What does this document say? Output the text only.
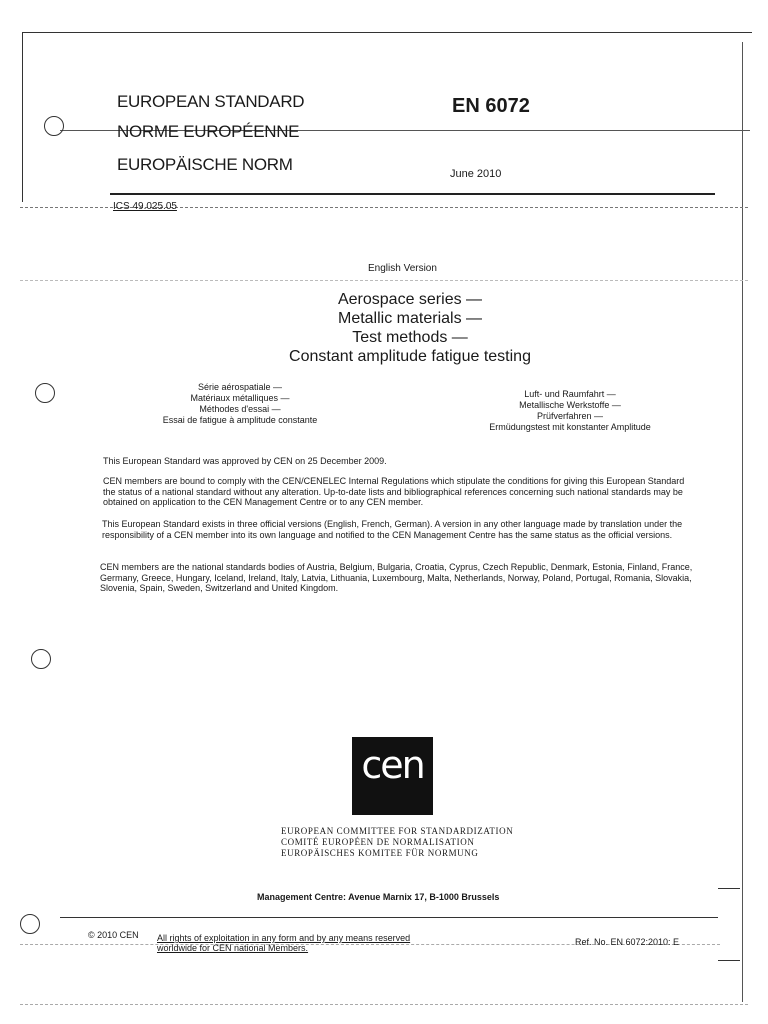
EUROPEAN STANDARD
NORME EUROPÉENNE
EUROPÄISCHE NORM
EN 6072
June 2010
ICS 49.025.05
English Version
Aerospace series —
Metallic materials —
Test methods —
Constant amplitude fatigue testing
Série aérospatiale —
Matériaux métalliques —
Méthodes d'essai —
Essai de fatigue à amplitude constante
Luft- und Raumfahrt —
Metallische Werkstoffe —
Prüfverfahren —
Ermüdungstest mit konstanter Amplitude
This European Standard was approved by CEN on 25 December 2009.
CEN members are bound to comply with the CEN/CENELEC Internal Regulations which stipulate the conditions for giving this European Standard the status of a national standard without any alteration. Up-to-date lists and bibliographical references concerning such national standards may be obtained on application to the CEN Management Centre or to any CEN member.
This European Standard exists in three official versions (English, French, German). A version in any other language made by translation under the responsibility of a CEN member into its own language and notified to the CEN Management Centre has the same status as the official versions.
CEN members are the national standards bodies of Austria, Belgium, Bulgaria, Croatia, Cyprus, Czech Republic, Denmark, Estonia, Finland, France, Germany, Greece, Hungary, Iceland, Ireland, Italy, Latvia, Lithuania, Luxembourg, Malta, Netherlands, Norway, Poland, Portugal, Romania, Slovakia, Slovenia, Spain, Sweden, Switzerland and United Kingdom.
cen
EUROPEAN COMMITTEE FOR STANDARDIZATION
COMITÉ EUROPÉEN DE NORMALISATION
EUROPÄISCHES KOMITEE FÜR NORMUNG
Management Centre: Avenue Marnix 17, B-1000 Brussels
© 2010 CEN All rights of exploitation in any form and by any means reserved
worldwide for CEN national Members.
Ref. No. EN 6072:2010: E
